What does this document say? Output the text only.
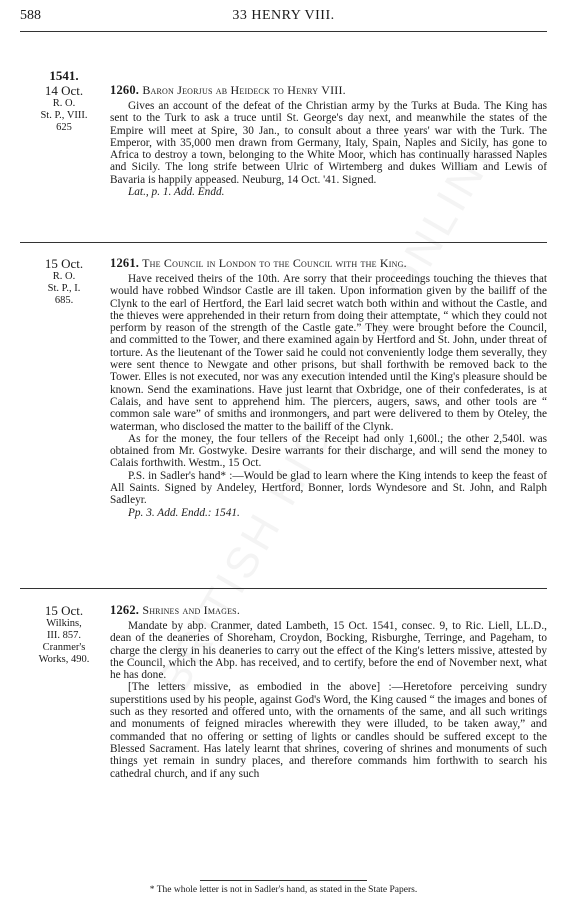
588	33 HENRY VIII.
1541.
14 Oct.
R. O.
St. P., VIII.
625
1260. Baron Jeorjus ab Heideck to Henry VIII.

Gives an account of the defeat of the Christian army by the Turks at Buda. The King has sent to the Turk to ask a truce until St. George's day next, and meanwhile the states of the Empire will meet at Spire, 30 Jan., to consult about a three years' war with the Turk. The Emperor, with 35,000 men drawn from Germany, Italy, Spain, Naples and Sicily, has gone to Africa to destroy a town, belonging to the White Moor, which has continually harassed Naples and Sicily. The long strife between Ulric of Wirtemberg and dukes William and Lewis of Bavaria is happily appeased. Neuburg, 14 Oct. '41. Signed.

Lat., p. 1. Add. Endd.

15 Oct.
R. O.
St. P., I.
685.
1261. The Council in London to the Council with the King.

Have received theirs of the 10th. Are sorry that their proceedings touching the thieves that would have robbed Windsor Castle are ill taken. Upon information given by the bailiff of the Clynk to the earl of Hertford, the Earl laid secret watch both within and without the Castle, and the thieves were apprehended in their return from doing their attemptate, “ which they could not perform by reason of the strength of the Castle gate.” They were brought before the Council, and committed to the Tower, and there examined again by Hertford and St. John, under threat of torture. As the lieutenant of the Tower said he could not conveniently lodge them severally, they were sent thence to Newgate and other prisons, but shall forthwith be removed back to the Tower. Elles is not executed, nor was any execution intended until the King's pleasure should be known. Send the examinations. Have just learnt that Oxbridge, one of their confederates, is at Calais, and have sent to apprehend him. The piercers, augers, saws, and other tools are “ common sale ware” of smiths and ironmongers, and part were delivered to them by Oteley, the waterman, who disclosed the matter to the bailiff of the Clynk.

As for the money, the four tellers of the Receipt had only 1,600l.; the other 2,540l. was obtained from Mr. Gostwyke. Desire warrants for their discharge, and will send the money to Calais forthwith. Westm., 15 Oct.

P.S. in Sadler's hand* :—Would be glad to learn where the King intends to keep the feast of All Saints. Signed by Andeley, Hertford, Bonner, lords Wyndesore and St. John, and Ralph Sadleyr.

Pp. 3. Add. Endd.: 1541.

15 Oct.
Wilkins,
III. 857.
Cranmer's
Works, 490.
1262. Shrines and Images.

Mandate by abp. Cranmer, dated Lambeth, 15 Oct. 1541, consec. 9, to Ric. Liell, LL.D., dean of the deaneries of Shoreham, Croydon, Bocking, Risburghe, Terringe, and Pageham, to charge the clergy in his deaneries to carry out the effect of the King's letters missive, attested by the Council, which the Abp. has received, and to certify, before the end of November next, what he has done.

[The letters missive, as embodied in the above] :—Heretofore perceiving sundry superstitions used by his people, against God's Word, the King caused “ the images and bones of such as they resorted and offered unto, with the ornaments of the same, and all such writings and monuments of feigned miracles wherewith they were illuded, to be taken away,” and commanded that no offering or setting of lights or candles should be suffered except to the Blessed Sacrament. Has lately learnt that shrines, covering of shrines and monuments of such things yet remain in sundry places, and therefore commands him forthwith to search his cathedral church, and if any such

* The whole letter is not in Sadler's hand, as stated in the State Papers.
